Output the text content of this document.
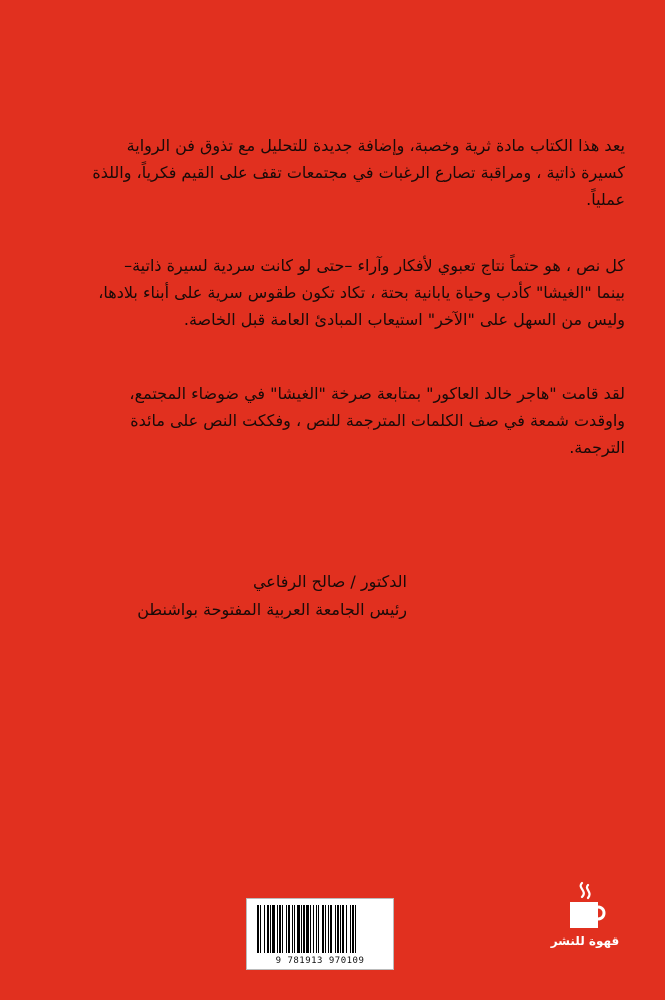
يعد هذا الكتاب مادة ثرية وخصبة، وإضافة جديدة للتحليل مع تذوق فن الرواية
كسيرة ذاتية ، ومراقبة تصارع الرغبات في مجتمعات تقف على القيم فكرياً، واللذة
عملياً.
كل نص ، هو حتماً نتاج تعبوي لأفكار وآراء –حتى لو كانت سردية لسيرة ذاتية–
بينما "الغيشا" كأدب وحياة يابانية بحتة ، تكاد تكون طقوس سرية على أبناء بلادها،
وليس من السهل على "الآخر" استيعاب المبادئ العامة قبل الخاصة.
لقد قامت "هاجر خالد العاكور" بمتابعة صرخة "الغيشا" في ضوضاء المجتمع،
واوقدت شمعة في صف الكلمات المترجمة للنص ، وفككت النص على مائدة
الترجمة.
الدكتور / صالح الرفاعي
رئيس الجامعة العربية المفتوحة بواشنطن
9 781913 970109
قهوة للنشر
